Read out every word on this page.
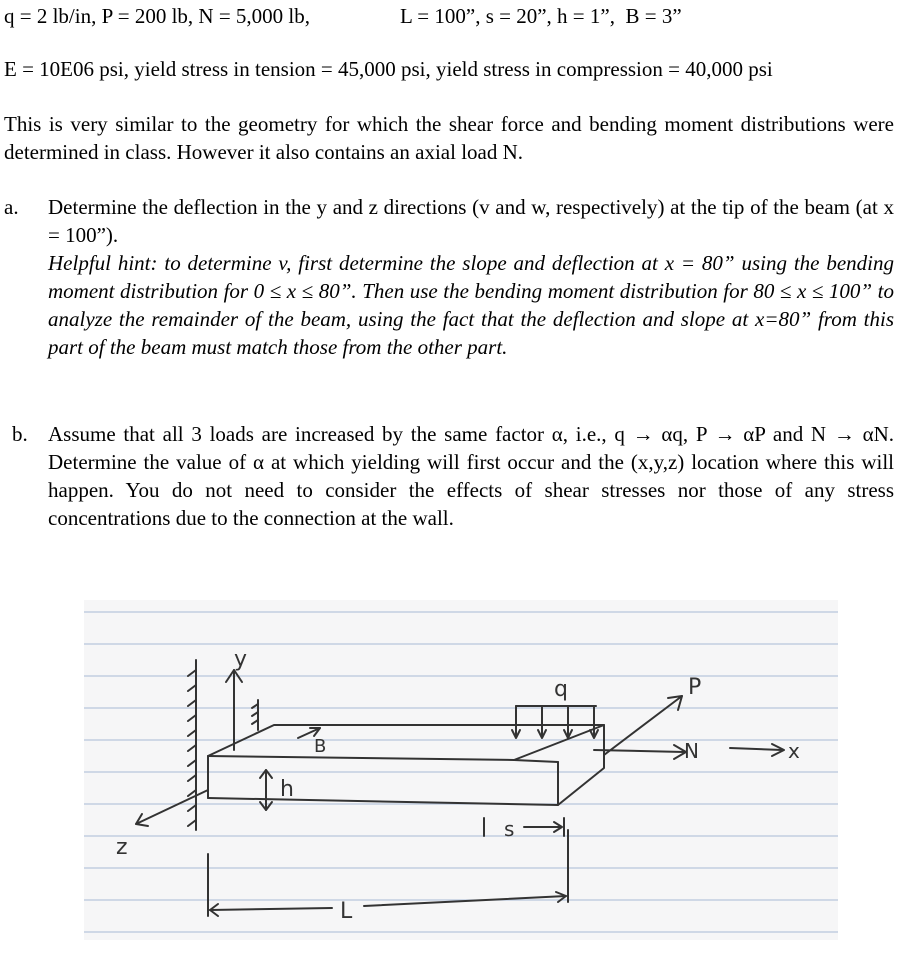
q = 2 lb/in, P = 200 lb, N = 5,000 lb,	L = 100”, s = 20”, h = 1”,  B = 3”
E = 10E06 psi, yield stress in tension = 45,000 psi, yield stress in compression = 40,000 psi
This is very similar to the geometry for which the shear force and bending moment distributions were determined in class. However it also contains an axial load N.
a. Determine the deflection in the y and z directions (v and w, respectively) at the tip of the beam (at x = 100”).
Helpful hint: to determine v, first determine the slope and deflection at x = 80” using the bending moment distribution for 0 ≤ x ≤ 80”. Then use the bending moment distribution for 80 ≤ x ≤ 100” to analyze the remainder of the beam, using the fact that the deflection and slope at x=80” from this part of the beam must match those from the other part.
b. Assume that all 3 loads are increased by the same factor α, i.e., q → αq, P → αP and N → αN. Determine the value of α at which yielding will first occur and the (x,y,z) location where this will happen. You do not need to consider the effects of shear stresses nor those of any stress concentrations due to the connection at the wall.
y
q	P
B
h
N	x
s
z
L
